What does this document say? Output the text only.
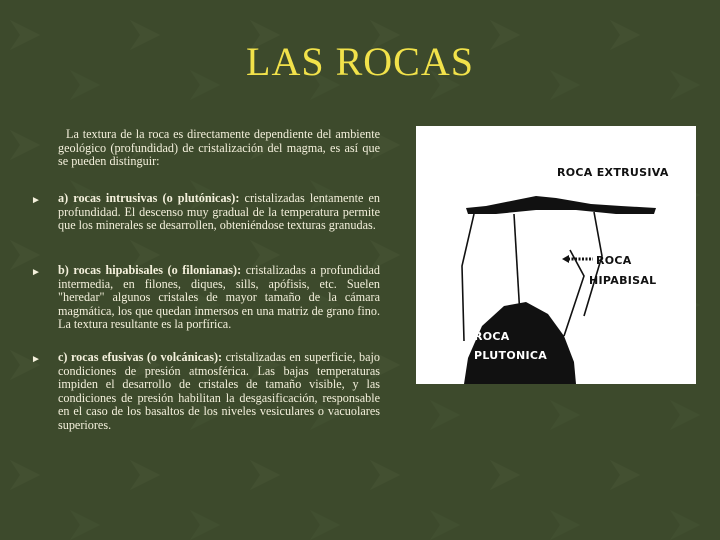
LAS ROCAS
La textura de la roca es directamente dependiente del ambiente geológico (profundidad) de cristalización del magma, es así que se pueden distinguir:
► a) rocas intrusivas (o plutónicas): cristalizadas lentamente en profundidad. El descenso muy gradual de la temperatura permite que los minerales se desarrollen, obteniéndose texturas granudas.
► b) rocas hipabisales (o filonianas): cristalizadas a profundidad intermedia, en filones, diques, sills, apófisis, etc. Suelen "heredar" algunos cristales de mayor tamaño de la cámara magmática, los que quedan inmersos en una matriz de grano fino. La textura resultante es la porfírica.
► c) rocas efusivas (o volcánicas): cristalizadas en superficie, bajo condiciones de presión atmosférica. Las bajas temperaturas impiden el desarrollo de cristales de tamaño visible, y las condiciones de presión habilitan la desgasificación, responsable en el caso de los basaltos de los niveles vesiculares o vacuolares superiores.
ROCA EXTRUSIVA
ROCA
HIPABISAL
ROCA
PLUTONICA
